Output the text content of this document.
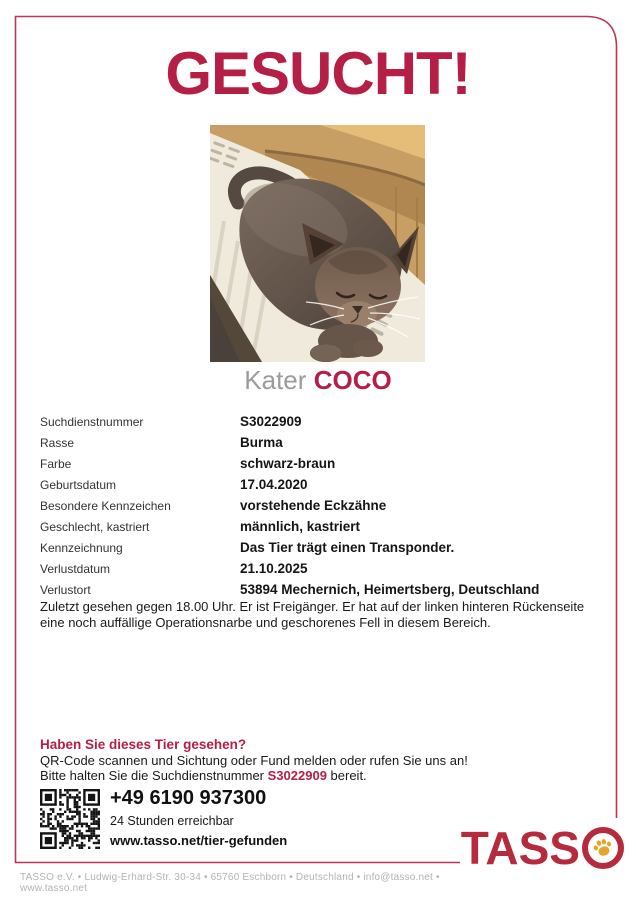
GESUCHT!
Kater COCO
Suchdienstnummer	S3022909
Rasse	Burma
Farbe	schwarz-braun
Geburtsdatum	17.04.2020
Besondere Kennzeichen	vorstehende Eckzähne
Geschlecht, kastriert	männlich, kastriert
Kennzeichnung	Das Tier trägt einen Transponder.
Verlustdatum	21.10.2025
Verlustort	53894 Mechernich, Heimertsberg, Deutschland
Zuletzt gesehen gegen 18.00 Uhr. Er ist Freigänger. Er hat auf der linken hinteren Rückenseite eine noch auffällige Operationsnarbe und geschorenes Fell in diesem Bereich.
Haben Sie dieses Tier gesehen?
QR-Code scannen und Sichtung oder Fund melden oder rufen Sie uns an!
Bitte halten Sie die Suchdienstnummer S3022909 bereit.
+49 6190 937300
24 Stunden erreichbar
www.tasso.net/tier-gefunden
TASSO e.V. • Ludwig-Erhard-Str. 30-34 • 65760 Eschborn • Deutschland • info@tasso.net • www.tasso.net
TASS
